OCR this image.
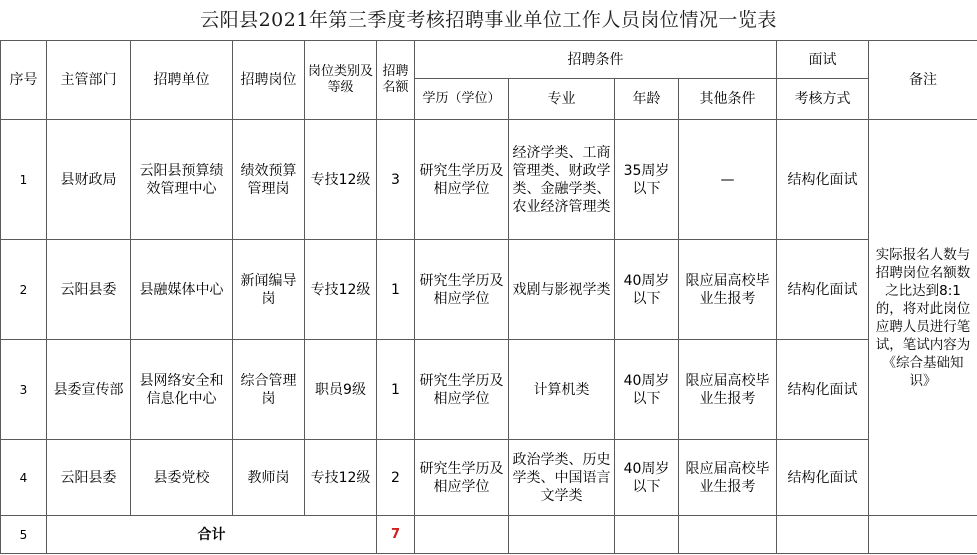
云阳县2021年第三季度考核招聘事业单位工作人员岗位情况一览表
序号	主管部门	招聘单位	招聘岗位	岗位类别及等级	招聘名额	招聘条件				面试	备注
						学历（学位）	专业	年龄	其他条件	考核方式	
1	县财政局	云阳县预算绩效管理中心	绩效预算管理岗	专技12级	3	研究生学历及相应学位	经济学类、工商管理类、财政学类、金融学类、农业经济管理类	35周岁以下	—	结构化面试	实际报名人数与招聘岗位名额数之比达到8:1的，将对此岗位应聘人员进行笔试，笔试内容为《综合基础知识》
2	云阳县委	县融媒体中心	新闻编导岗	专技12级	1	研究生学历及相应学位	戏剧与影视学类	40周岁以下	限应届高校毕业生报考	结构化面试	
3	县委宣传部	县网络安全和信息化中心	综合管理岗	职员9级	1	研究生学历及相应学位	计算机类	40周岁以下	限应届高校毕业生报考	结构化面试	
4	云阳县委	县委党校	教师岗	专技12级	2	研究生学历及相应学位	政治学类、历史学类、中国语言文学类	40周岁以下	限应届高校毕业生报考	结构化面试	
5	合计				7						
